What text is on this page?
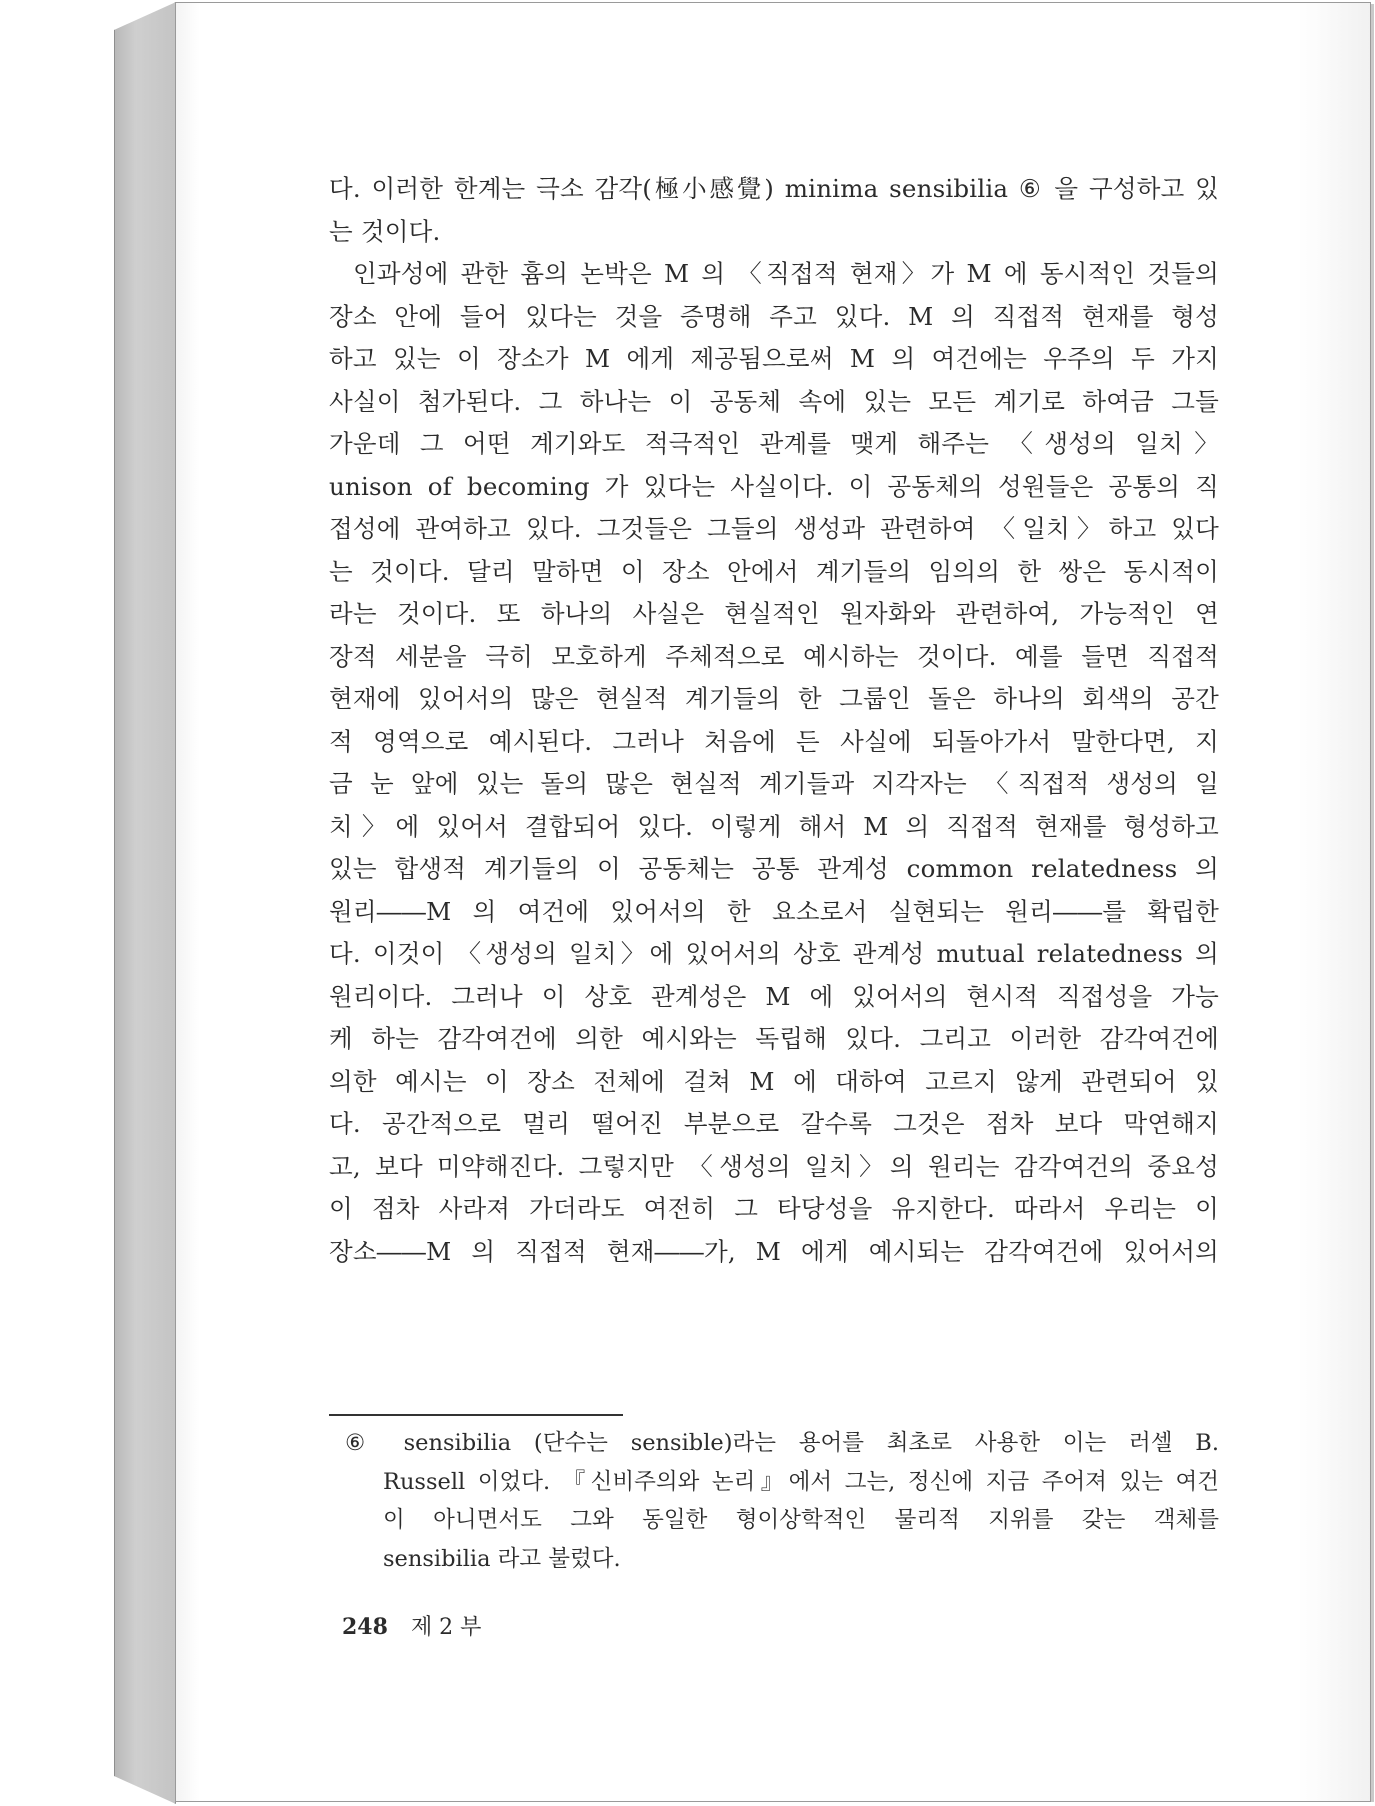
다. 이러한 한계는 극소 감각(極小感覺) minima sensibilia ⑥ 을 구성하고 있
는 것이다.
인과성에 관한 흄의 논박은 M 의 〈직접적 현재〉가 M 에 동시적인 것들의
장소 안에 들어 있다는 것을 증명해 주고 있다. M 의 직접적 현재를 형성
하고 있는 이 장소가 M 에게 제공됨으로써 M 의 여건에는 우주의 두 가지
사실이 첨가된다. 그 하나는 이 공동체 속에 있는 모든 계기로 하여금 그들
가운데 그 어떤 계기와도 적극적인 관계를 맺게 해주는 〈생성의 일치〉
unison of becoming 가 있다는 사실이다. 이 공동체의 성원들은 공통의 직
접성에 관여하고 있다. 그것들은 그들의 생성과 관련하여 〈일치〉하고 있다
는 것이다. 달리 말하면 이 장소 안에서 계기들의 임의의 한 쌍은 동시적이
라는 것이다. 또 하나의 사실은 현실적인 원자화와 관련하여, 가능적인 연
장적 세분을 극히 모호하게 주체적으로 예시하는 것이다. 예를 들면 직접적
현재에 있어서의 많은 현실적 계기들의 한 그룹인 돌은 하나의 회색의 공간
적 영역으로 예시된다. 그러나 처음에 든 사실에 되돌아가서 말한다면, 지
금 눈 앞에 있는 돌의 많은 현실적 계기들과 지각자는 〈직접적 생성의 일
치〉에 있어서 결합되어 있다. 이렇게 해서 M 의 직접적 현재를 형성하고
있는 합생적 계기들의 이 공동체는 공통 관계성 common relatedness 의
원리――M 의 여건에 있어서의 한 요소로서 실현되는 원리――를 확립한
다. 이것이 〈생성의 일치〉에 있어서의 상호 관계성 mutual relatedness 의
원리이다. 그러나 이 상호 관계성은 M 에 있어서의 현시적 직접성을 가능
케 하는 감각여건에 의한 예시와는 독립해 있다. 그리고 이러한 감각여건에
의한 예시는 이 장소 전체에 걸쳐 M 에 대하여 고르지 않게 관련되어 있
다. 공간적으로 멀리 떨어진 부분으로 갈수록 그것은 점차 보다 막연해지
고, 보다 미약해진다. 그렇지만 〈생성의 일치〉의 원리는 감각여건의 중요성
이 점차 사라져 가더라도 여전히 그 타당성을 유지한다. 따라서 우리는 이
장소――M 의 직접적 현재――가, M 에게 예시되는 감각여건에 있어서의
⑥ sensibilia (단수는 sensible)라는 용어를 최초로 사용한 이는 러셀 B.
Russell 이었다. 『신비주의와 논리』에서 그는, 정신에 지금 주어져 있는 여건
이 아니면서도 그와 동일한 형이상학적인 물리적 지위를 갖는 객체를
sensibilia 라고 불렀다.
248 제 2 부
